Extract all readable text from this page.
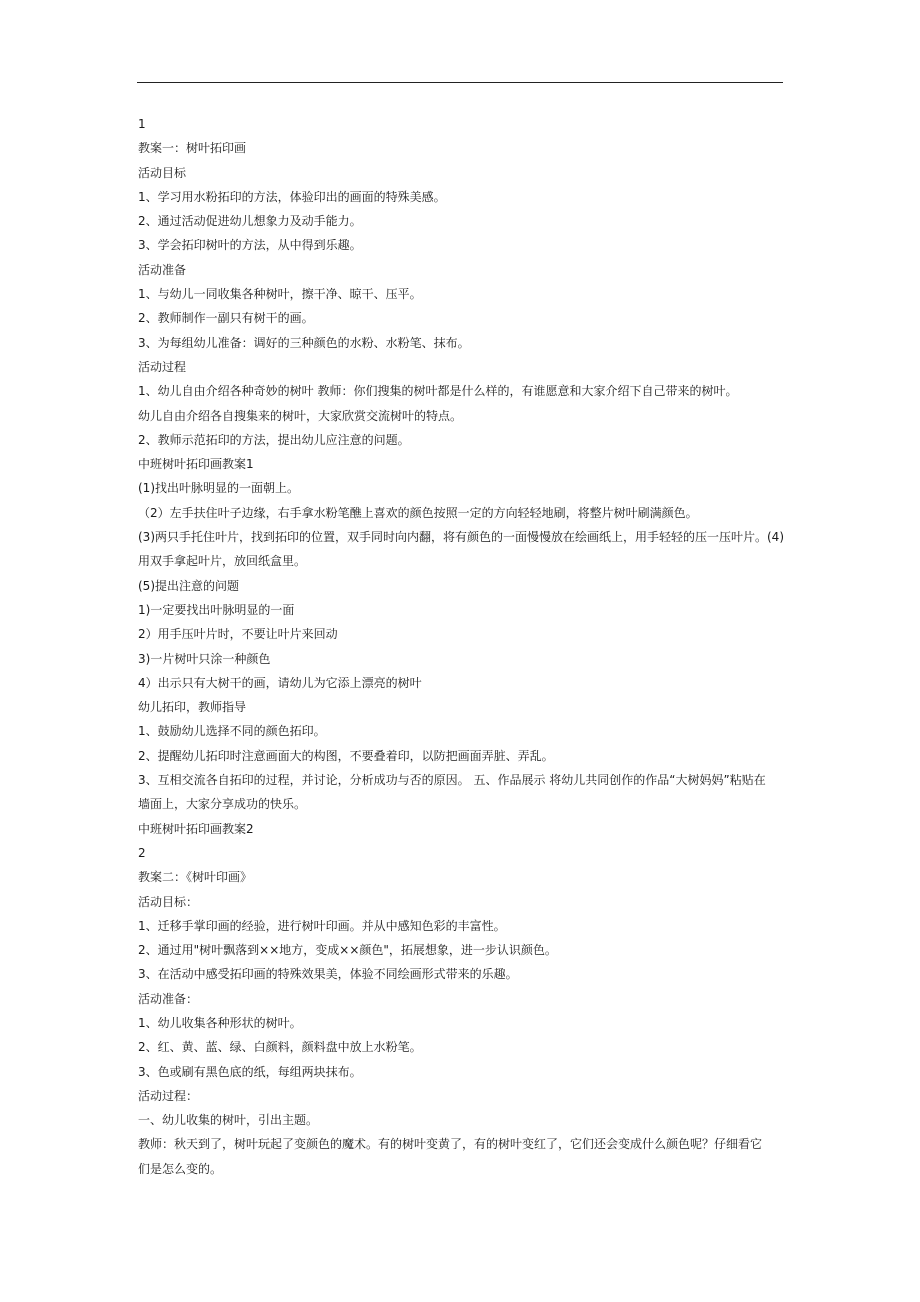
1
教案一：树叶拓印画
活动目标
1、学习用水粉拓印的方法，体验印出的画面的特殊美感。
2、通过活动促进幼儿想象力及动手能力。
3、学会拓印树叶的方法，从中得到乐趣。
活动准备
1、与幼儿一同收集各种树叶，擦干净、晾干、压平。
2、教师制作一副只有树干的画。
3、为每组幼儿准备：调好的三种颜色的水粉、水粉笔、抹布。
活动过程
1、幼儿自由介绍各种奇妙的树叶 教师：你们搜集的树叶都是什么样的，有谁愿意和大家介绍下自己带来的树叶。
幼儿自由介绍各自搜集来的树叶，大家欣赏交流树叶的特点。
2、教师示范拓印的方法，提出幼儿应注意的问题。
中班树叶拓印画教案1
(1)找出叶脉明显的一面朝上。
（2）左手扶住叶子边缘，右手拿水粉笔醮上喜欢的颜色按照一定的方向轻轻地刷，将整片树叶刷满颜色。
(3)两只手托住叶片，找到拓印的位置，双手同时向内翻，将有颜色的一面慢慢放在绘画纸上，用手轻轻的压一压叶片。(4)
用双手拿起叶片，放回纸盒里。
(5)提出注意的问题
1)一定要找出叶脉明显的一面
2）用手压叶片时，不要让叶片来回动
3)一片树叶只涂一种颜色
4）出示只有大树干的画，请幼儿为它添上漂亮的树叶
幼儿拓印，教师指导
1、鼓励幼儿选择不同的颜色拓印。
2、提醒幼儿拓印时注意画面大的构图，不要叠着印，以防把画面弄脏、弄乱。
3、互相交流各自拓印的过程，并讨论，分析成功与否的原因。 五、作品展示 将幼儿共同创作的作品“大树妈妈”粘贴在
墙面上，大家分享成功的快乐。
中班树叶拓印画教案2
2
教案二：《树叶印画》
活动目标：
1、迁移手掌印画的经验，进行树叶印画。并从中感知色彩的丰富性。
2、通过用"树叶飘落到××地方，变成××颜色"，拓展想象，进一步认识颜色。
3、在活动中感受拓印画的特殊效果美，体验不同绘画形式带来的乐趣。
活动准备：
1、幼儿收集各种形状的树叶。
2、红、黄、蓝、绿、白颜料，颜料盘中放上水粉笔。
3、色或刷有黑色底的纸，每组两块抹布。
活动过程：
一、幼儿收集的树叶，引出主题。
教师：秋天到了，树叶玩起了变颜色的魔术。有的树叶变黄了，有的树叶变红了，它们还会变成什么颜色呢？仔细看它
们是怎么变的。
